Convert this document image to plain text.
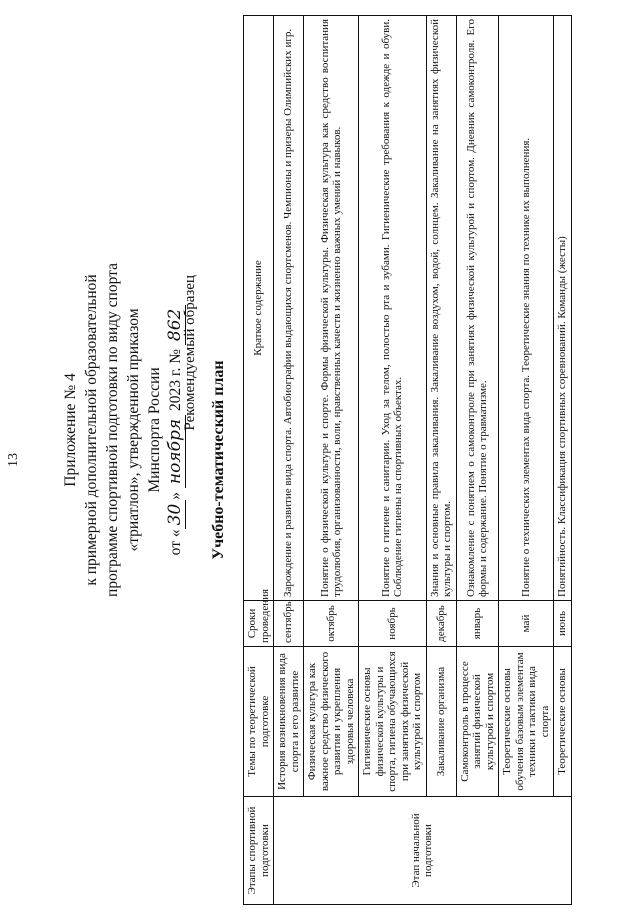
13	Приложение № 4 к примерной дополнительной образовательной программе спортивной подготовки по виду спорта «триатлон», утвержденной приказом Минспорта России
от «30» ноября 2023 г. № 862
Рекомендуемый образец
Учебно-тематический план
Этапы спортивной подготовки	Темы по теоретической подготовке	Сроки проведения	Краткое содержание
Этап начальной подготовки	История возникновения вида спорта и его развитие	сентябрь	Зарождение и развитие вида спорта. Автобиографии выдающихся спортсменов. Чемпионы и призеры Олимпийских игр.
	Физическая культура как важное средство физического развития и укрепления здоровья человека	октябрь	Понятие о физической культуре и спорте. Формы физической культуры. Физическая культура как средство воспитания трудолюбия, организованности, воли, нравственных качеств и жизненно важных умений и навыков.
	Гигиенические основы физической культуры и спорта, гигиена обучающихся при занятиях физической культурой и спортом	ноябрь	Понятие о гигиене и санитарии. Уход за телом, полостью рта и зубами. Гигиенические требования к одежде и обуви. Соблюдение гигиены на спортивных объектах.
	Закаливание организма	декабрь	Знания и основные правила закаливания. Закаливание воздухом, водой, солнцем. Закаливание на занятиях физической культуры и спортом.
	Самоконтроль в процессе занятий физической культурой и спортом	январь	Ознакомление с понятием о самоконтроле при занятиях физической культурой и спортом. Дневник самоконтроля. Его формы и содержание. Понятие о травматизме.
	Теоретические основы обучения базовым элементам техники и тактики вида спорта	май	Понятие о технических элементах вида спорта. Теоретические знания по технике их выполнения.
	Теоретические основы	июнь	Понятийность. Классификация спортивных соревнований. Команды (жесты)
